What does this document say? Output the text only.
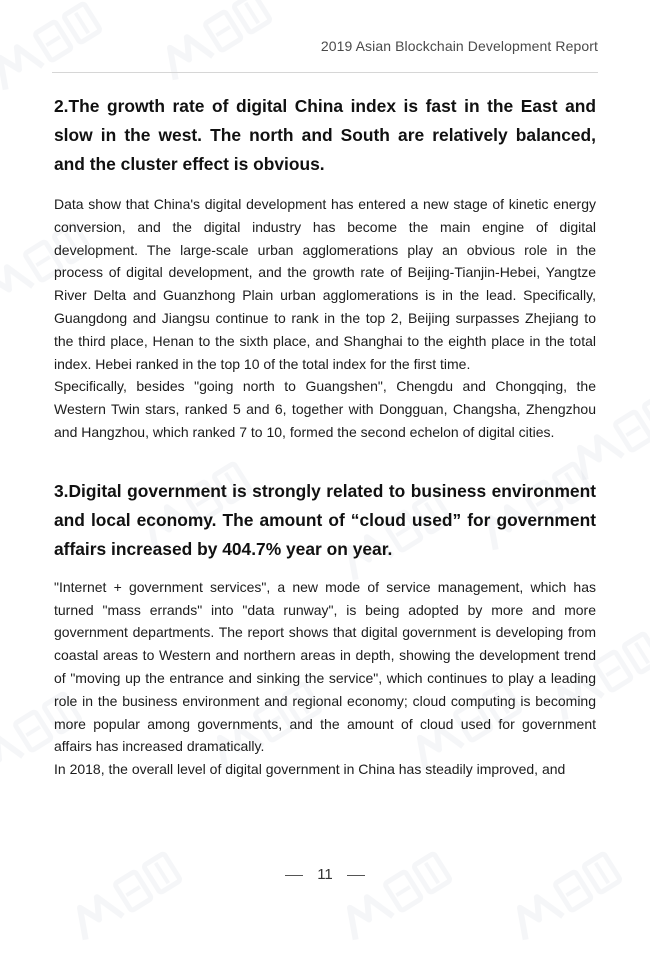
2019 Asian Blockchain Development Report
2.The growth rate of digital China index is fast in the East and slow in the west. The north and South are relatively balanced, and the cluster effect is obvious.

Data show that China's digital development has entered a new stage of kinetic energy conversion, and the digital industry has become the main engine of digital development. The large-scale urban agglomerations play an obvious role in the process of digital development, and the growth rate of Beijing-Tianjin-Hebei, Yangtze River Delta and Guanzhong Plain urban agglomerations is in the lead. Specifically, Guangdong and Jiangsu continue to rank in the top 2, Beijing surpasses Zhejiang to the third place, Henan to the sixth place, and Shanghai to the eighth place in the total index. Hebei ranked in the top 10 of the total index for the first time.

Specifically, besides "going north to Guangshen", Chengdu and Chongqing, the Western Twin stars, ranked 5 and 6, together with Dongguan, Changsha, Zhengzhou and Hangzhou, which ranked 7 to 10, formed the second echelon of digital cities.

3.Digital government is strongly related to business environment and local economy. The amount of “cloud used” for government affairs increased by 404.7% year on year.

"Internet + government services", a new mode of service management, which has turned "mass errands" into "data runway", is being adopted by more and more government departments. The report shows that digital government is developing from coastal areas to Western and northern areas in depth, showing the development trend of "moving up the entrance and sinking the service", which continues to play a leading role in the business environment and regional economy; cloud computing is becoming more popular among governments, and the amount of cloud used for government affairs has increased dramatically.

In 2018, the overall level of digital government in China has steadily improved, and

11
